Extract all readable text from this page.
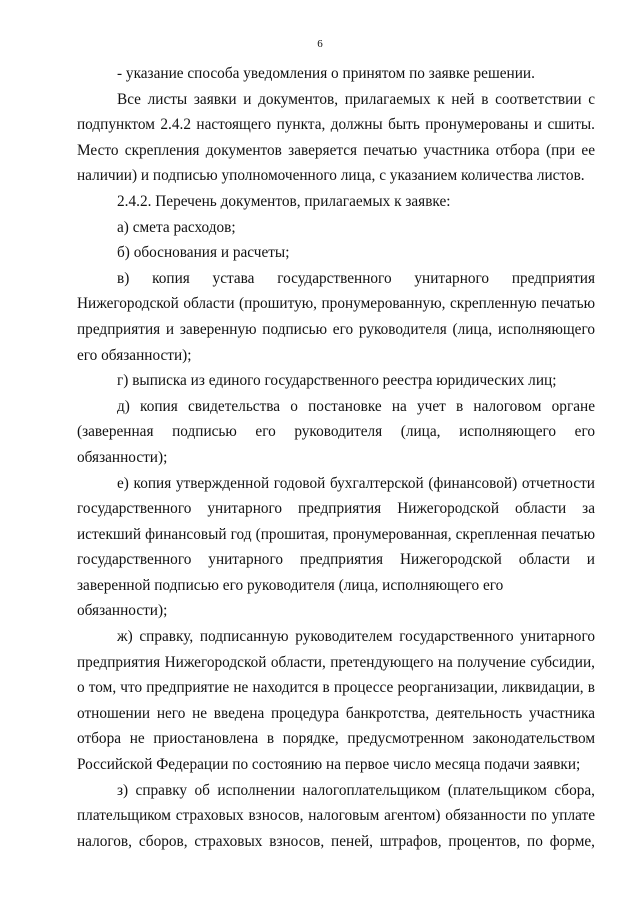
6

- указание способа уведомления о принятом по заявке решении.

Все листы заявки и документов, прилагаемых к ней в соответствии с

подпунктом 2.4.2 настоящего пункта, должны быть пронумерованы и сшиты.

Место скрепления документов заверяется печатью участника отбора (при ее

наличии) и подписью уполномоченного лица, с указанием количества листов.

2.4.2. Перечень документов, прилагаемых к заявке:

а) смета расходов;

б) обоснования и расчеты;

в) копия устава государственного унитарного предприятия

Нижегородской области (прошитую, пронумерованную, скрепленную печатью

предприятия и заверенную подписью его руководителя (лица, исполняющего

его обязанности);

г) выписка из единого государственного реестра юридических лиц;

д) копия свидетельства о постановке на учет в налоговом органе

(заверенная подписью его руководителя (лица, исполняющего его

обязанности);

е) копия утвержденной годовой бухгалтерской (финансовой) отчетности

государственного унитарного предприятия Нижегородской области за

истекший финансовый год (прошитая, пронумерованная, скрепленная печатью

государственного унитарного предприятия Нижегородской области и

заверенной подписью его руководителя (лица, исполняющего его обязанности);

ж) справку, подписанную руководителем государственного унитарного

предприятия Нижегородской области, претендующего на получение субсидии,

о том, что предприятие не находится в процессе реорганизации, ликвидации, в

отношении него не введена процедура банкротства, деятельность участника

отбора не приостановлена в порядке, предусмотренном законодательством

Российской Федерации по состоянию на первое число месяца подачи заявки;

з) справку об исполнении налогоплательщиком (плательщиком сбора,

плательщиком страховых взносов, налоговым агентом) обязанности по уплате

налогов, сборов, страховых взносов, пеней, штрафов, процентов, по форме,
